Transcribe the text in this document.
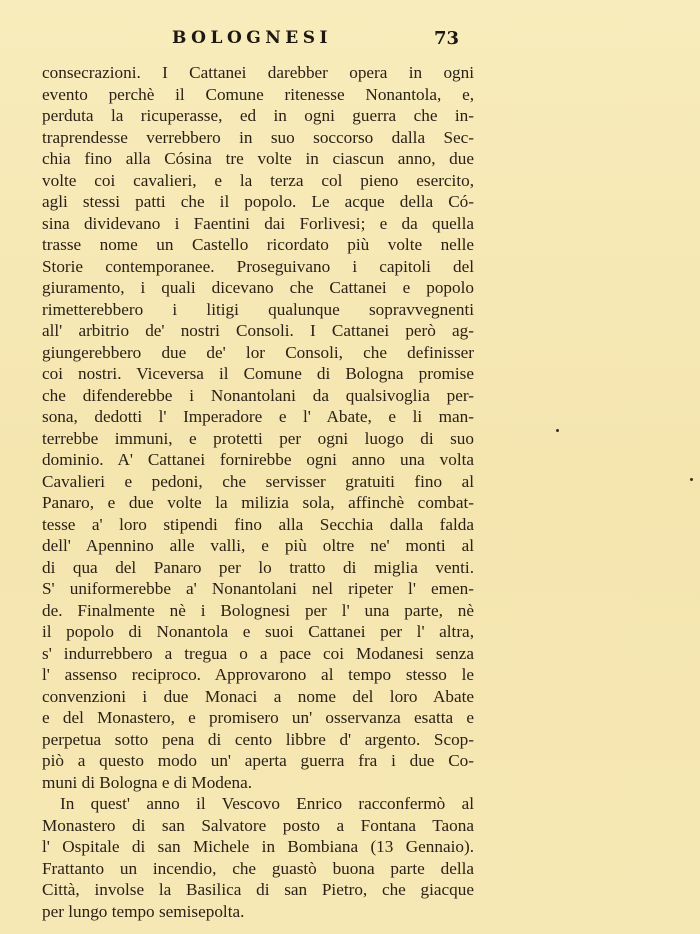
BOLOGNESI	73
consecrazioni. I Cattanei darebber opera in ogni
evento perchè il Comune ritenesse Nonantola, e,
perduta la ricuperasse, ed in ogni guerra che in-
traprendesse verrebbero in suo soccorso dalla Sec-
chia fino alla Cósina tre volte in ciascun anno, due
volte coi cavalieri, e la terza col pieno esercito,
agli stessi patti che il popolo. Le acque della Có-
sina dividevano i Faentini dai Forlivesi; e da quella
trasse nome un Castello ricordato più volte nelle
Storie contemporanee. Proseguivano i capitoli del
giuramento, i quali dicevano che Cattanei e popolo
rimetterebbero i litigi qualunque sopravvegnenti
all' arbitrio de' nostri Consoli. I Cattanei però ag-
giungerebbero due de' lor Consoli, che definisser
coi nostri. Viceversa il Comune di Bologna promise
che difenderebbe i Nonantolani da qualsivoglia per-
sona, dedotti l' Imperadore e l' Abate, e li man-
terrebbe immuni, e protetti per ogni luogo di suo
dominio. A' Cattanei fornirebbe ogni anno una volta
Cavalieri e pedoni, che servisser gratuiti fino al
Panaro, e due volte la milizia sola, affinchè combat-
tesse a' loro stipendi fino alla Secchia dalla falda
dell' Apennino alle valli, e più oltre ne' monti al
di qua del Panaro per lo tratto di miglia venti.
S' uniformerebbe a' Nonantolani nel ripeter l' emen-
de. Finalmente nè i Bolognesi per l' una parte, nè
il popolo di Nonantola e suoi Cattanei per l' altra,
s' indurrebbero a tregua o a pace coi Modanesi senza
l' assenso reciproco. Approvarono al tempo stesso le
convenzioni i due Monaci a nome del loro Abate
e del Monastero, e promisero un' osservanza esatta e
perpetua sotto pena di cento libbre d' argento. Scop-
piò a questo modo un' aperta guerra fra i due Co-
muni di Bologna e di Modena.
In quest' anno il Vescovo Enrico racconfermò al
Monastero di san Salvatore posto a Fontana Taona
l' Ospitale di san Michele in Bombiana (13 Gennaio).
Frattanto un incendio, che guastò buona parte della
Città, involse la Basilica di san Pietro, che giacque
per lungo tempo semisepolta.
